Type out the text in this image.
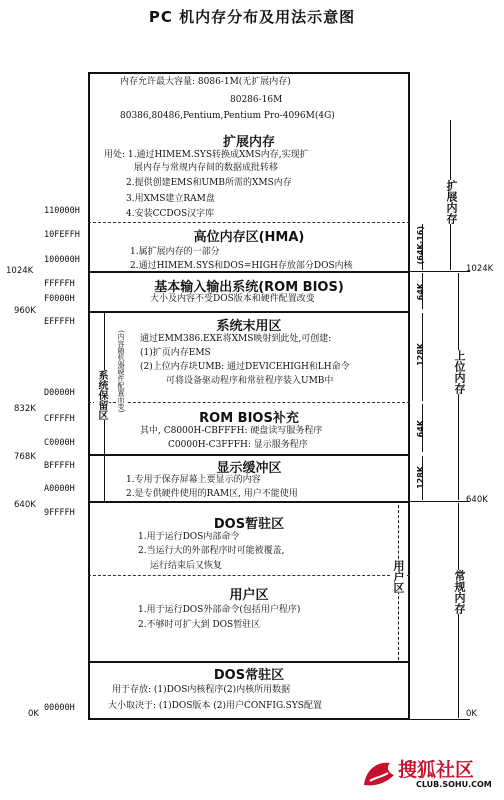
PC 机内存分布及用法示意图
内存允许最大容量: 8086-1M(无扩展内存)
80286-16M
80386,80486,Pentium,Pentium Pro-4096M(4G)
扩展内存
用处: 1.通过HIMEM.SYS转换成XMS内存,实现扩
展内存与常规内存间的数据成批转移
2.提供创建EMS和UMB所需的XMS内存
3.用XMS建立RAM盘
4.安装CCDOS汉字库
高位内存区(HMA)
1.属扩展内存的一部分
2.通过HIMEM.SYS和DOS=HIGH存放部分DOS内核
基本输入输出系统(ROM BIOS)
大小及内容不受DOS版本和硬件配置改变
系统末用区
通过EMM386.EXE将XMS映射到此处,可创建:
(1)扩页内存EMS
(2)上位内存块UMB: 通过DEVICEHIGH和LH命令
可将设备驱动程序和常驻程序装入UMB中
ROM BIOS补充
其中, C8000H-CBFFFH: 硬盘读写服务程序
C0000H-C3FFFH: 显示服务程序
显示缓冲区
1.专用于保存屏幕上要显示的内容
2.是专供硬件使用的RAM区, 用户不能使用
DOS暂驻区
1.用于运行DOS内部命令
2.当运行大的外部程序时可能被覆盖,
运行结束后又恢复
用户区
1.用于运行DOS外部命令(包括用户程序)
2.不够时可扩大到 DOS暂驻区
DOS常驻区
用于存放: (1)DOS内核程序(2)内核所用数据
大小取决于: (1)DOS版本 (2)用户CONFIG.SYS配置
110000H
10FEFFH
100000H
FFFFFH
F0000H
EFFFFH
D0000H
CFFFFH
C0000H
BFFFFH
A0000H
9FFFFH
00000H
1024K
960K
832K
768K
640K
0K
1024K
640K
0K
(64K-16)
64K
128K
64K
128K
扩展内存
上位内存
常规内存
用户区
系统保留区 (内容随机器硬件配置而变)
搜狐社区
CLUB.SOHU.COM
